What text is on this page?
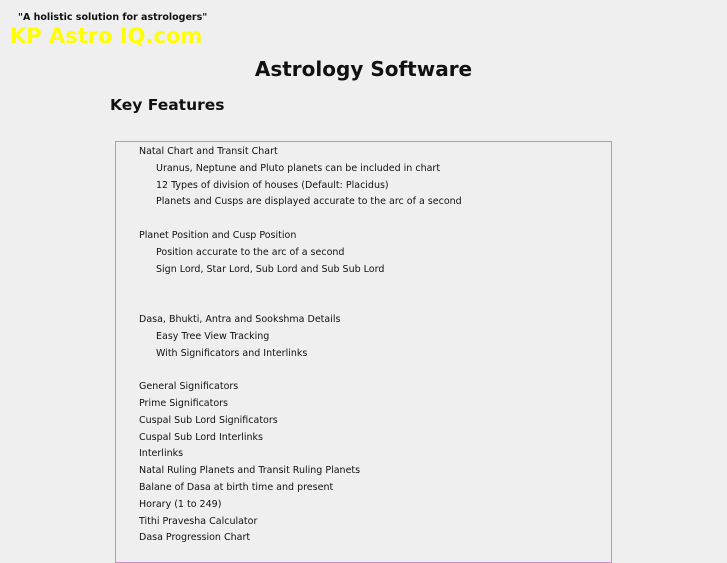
"A holistic solution for astrologers"
KP Astro IQ.com
Astrology Software
Key Features
Natal Chart and Transit Chart
Uranus, Neptune and Pluto planets can be included in chart
12 Types of division of houses (Default: Placidus)
Planets and Cusps are displayed accurate to the arc of a second
Planet Position and Cusp Position
Position accurate to the arc of a second
Sign Lord, Star Lord, Sub Lord and Sub Sub Lord
Dasa, Bhukti, Antra and Sookshma Details
Easy Tree View Tracking
With Significators and Interlinks
General Significators
Prime Significators
Cuspal Sub Lord Significators
Cuspal Sub Lord Interlinks
Interlinks
Natal Ruling Planets and Transit Ruling Planets
Balane of Dasa at birth time and present
Horary (1 to 249)
Tithi Pravesha Calculator
Dasa Progression Chart
